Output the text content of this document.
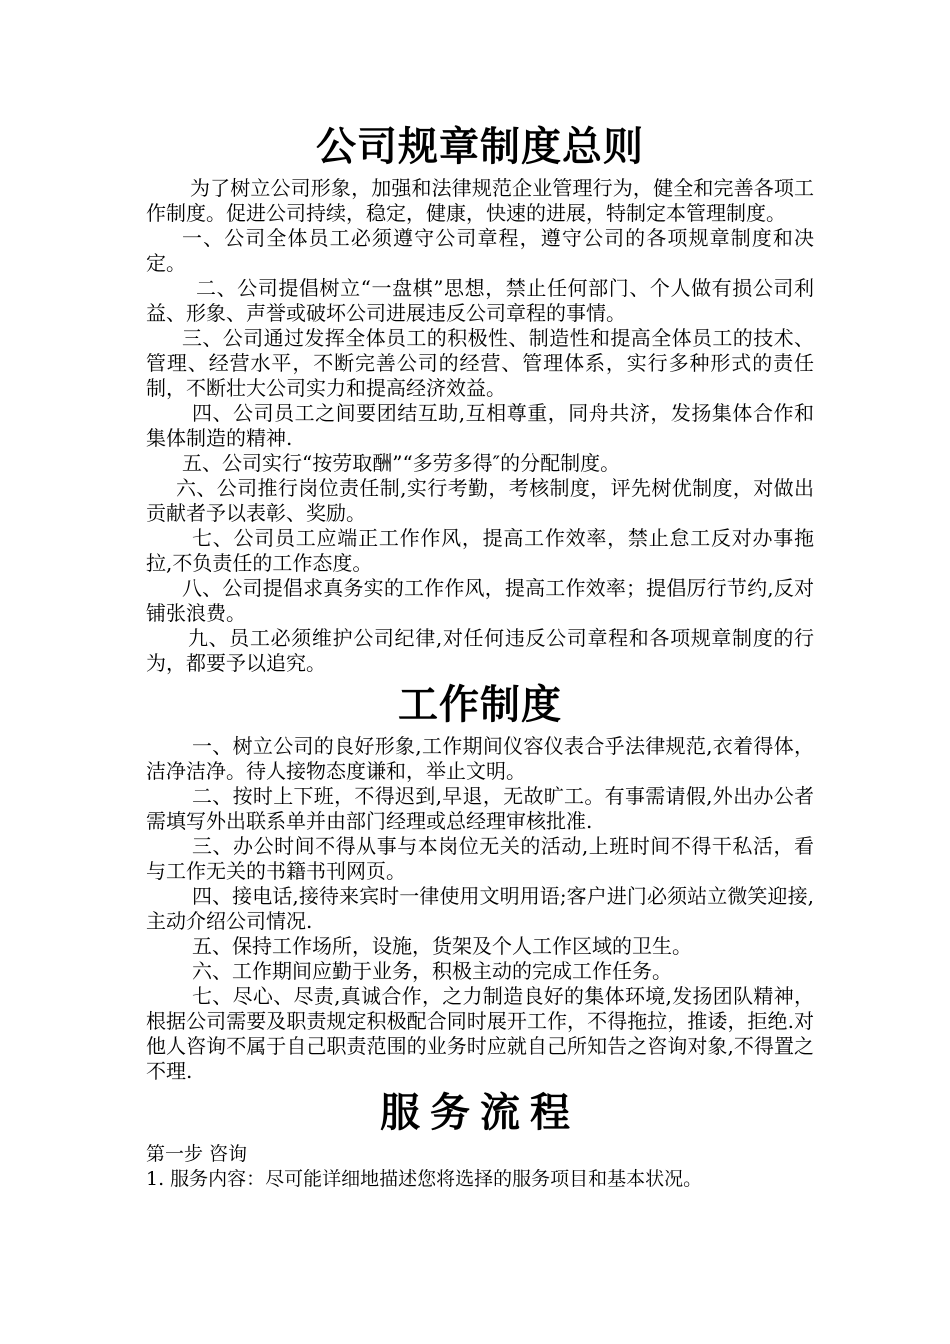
公司规章制度总则

为了树立公司形象，加强和法律规范企业管理行为，健全和完善各项工作制度。促进公司持续，稳定，健康，快速的进展，特制定本管理制度。

一、公司全体员工必须遵守公司章程，遵守公司的各项规章制度和决定。

二、公司提倡树立“一盘棋”思想，禁止任何部门、个人做有损公司利益、形象、声誉或破坏公司进展违反公司章程的事情。

三、公司通过发挥全体员工的积极性、制造性和提高全体员工的技术、管理、经营水平，不断完善公司的经营、管理体系，实行多种形式的责任制，不断壮大公司实力和提高经济效益。

四、公司员工之间要团结互助,互相尊重，同舟共济，发扬集体合作和集体制造的精神.

五、公司实行“按劳取酬”“多劳多得″的分配制度。

六、公司推行岗位责任制,实行考勤，考核制度，评先树优制度，对做出贡献者予以表彰、奖励。

七、公司员工应端正工作作风，提高工作效率，禁止怠工反对办事拖拉,不负责任的工作态度。

八、公司提倡求真务实的工作作风，提高工作效率；提倡厉行节约,反对铺张浪费。

九、员工必须维护公司纪律,对任何违反公司章程和各项规章制度的行为，都要予以追究。

工作制度

一、树立公司的良好形象,工作期间仪容仪表合乎法律规范,衣着得体，洁净洁净。待人接物态度谦和，举止文明。

二、按时上下班，不得迟到,早退，无故旷工。有事需请假,外出办公者需填写外出联系单并由部门经理或总经理审核批准.

三、办公时间不得从事与本岗位无关的活动,上班时间不得干私活，看与工作无关的书籍书刊网页。

四、接电话,接待来宾时一律使用文明用语;客户进门必须站立微笑迎接,主动介绍公司情况.

五、保持工作场所，设施，货架及个人工作区域的卫生。

六、工作期间应勤于业务，积极主动的完成工作任务。

七、尽心、尽责,真诚合作，之力制造良好的集体环境,发扬团队精神，根据公司需要及职责规定积极配合同时展开工作，不得拖拉，推诿，拒绝.对他人咨询不属于自己职责范围的业务时应就自己所知告之咨询对象,不得置之不理.

服务流程

第一步 咨询

1. 服务内容：尽可能详细地描述您将选择的服务项目和基本状况。
